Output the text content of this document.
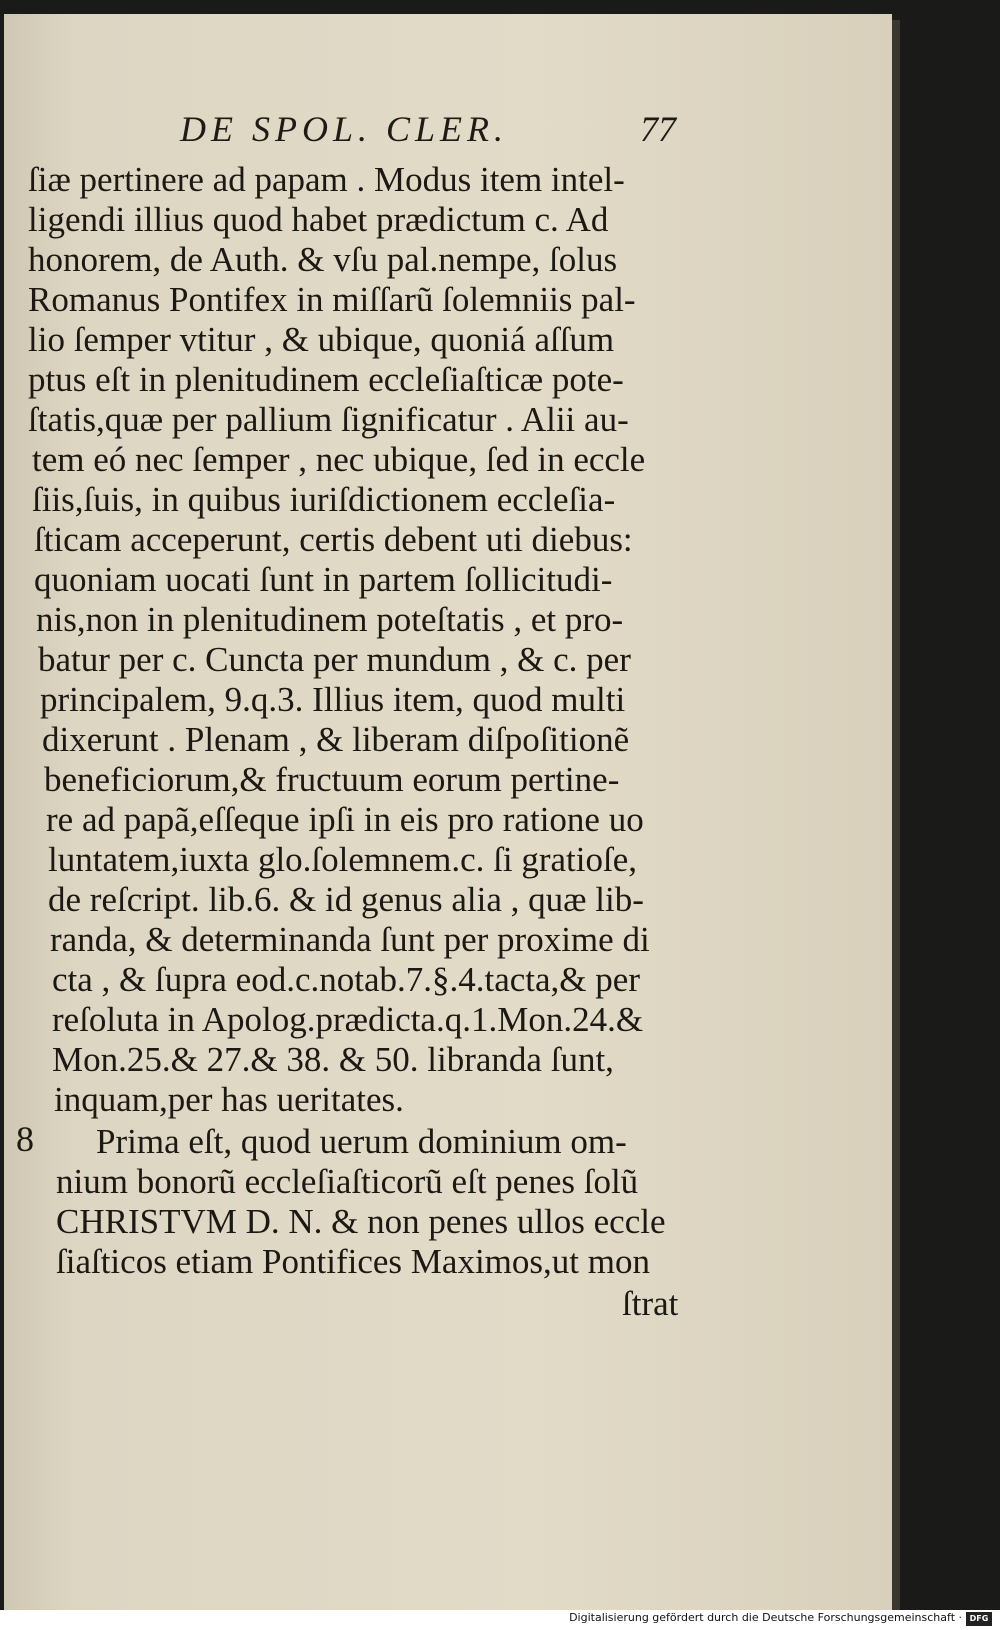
DE SPOL. CLER.	77
ſiæ pertinere ad papam . Modus item intel-
ligendi illius quod habet prædictum c. Ad
honorem, de Auth. & vſu pal.nempe, ſolus
Romanus Pontifex in miſſarũ ſolemniis pal-
lio ſemper vtitur , & ubique, quoniá aſſum
ptus eſt in plenitudinem eccleſiaſticæ pote-
ſtatis,quæ per pallium ſignificatur . Alii au-
tem eó nec ſemper , nec ubique, ſed in eccle
ſiis,ſuis, in quibus iuriſdictionem eccleſia-
ſticam acceperunt, certis debent uti diebus:
quoniam uocati ſunt in partem ſollicitudi-
nis,non in plenitudinem poteſtatis , et pro-
batur per c. Cuncta per mundum , & c. per
principalem, 9.q.3. Illius item, quod multi
dixerunt . Plenam , & liberam diſpoſitionẽ
beneficiorum,& fructuum eorum pertine-
re ad papã,eſſeque ipſi in eis pro ratione uo
luntatem,iuxta glo.ſolemnem.c. ſi gratioſe,
de reſcript. lib.6. & id genus alia , quæ lib-
randa, & determinanda ſunt per proxime di
cta , & ſupra eod.c.notab.7.§.4.tacta,& per
reſoluta in Apolog.prædicta.q.1.Mon.24.&
Mon.25.& 27.& 38. & 50. libranda ſunt,
inquam,per has ueritates.
Prima eſt, quod uerum dominium om-
nium bonorũ eccleſiaſticorũ eſt penes ſolũ
CHRISTVM D. N. & non penes ullos eccle
ſiaſticos etiam Pontifices Maximos,ut mon
8
ſtrat
Digitalisierung gefördert durch die Deutsche Forschungsgemeinschaft · DFG
